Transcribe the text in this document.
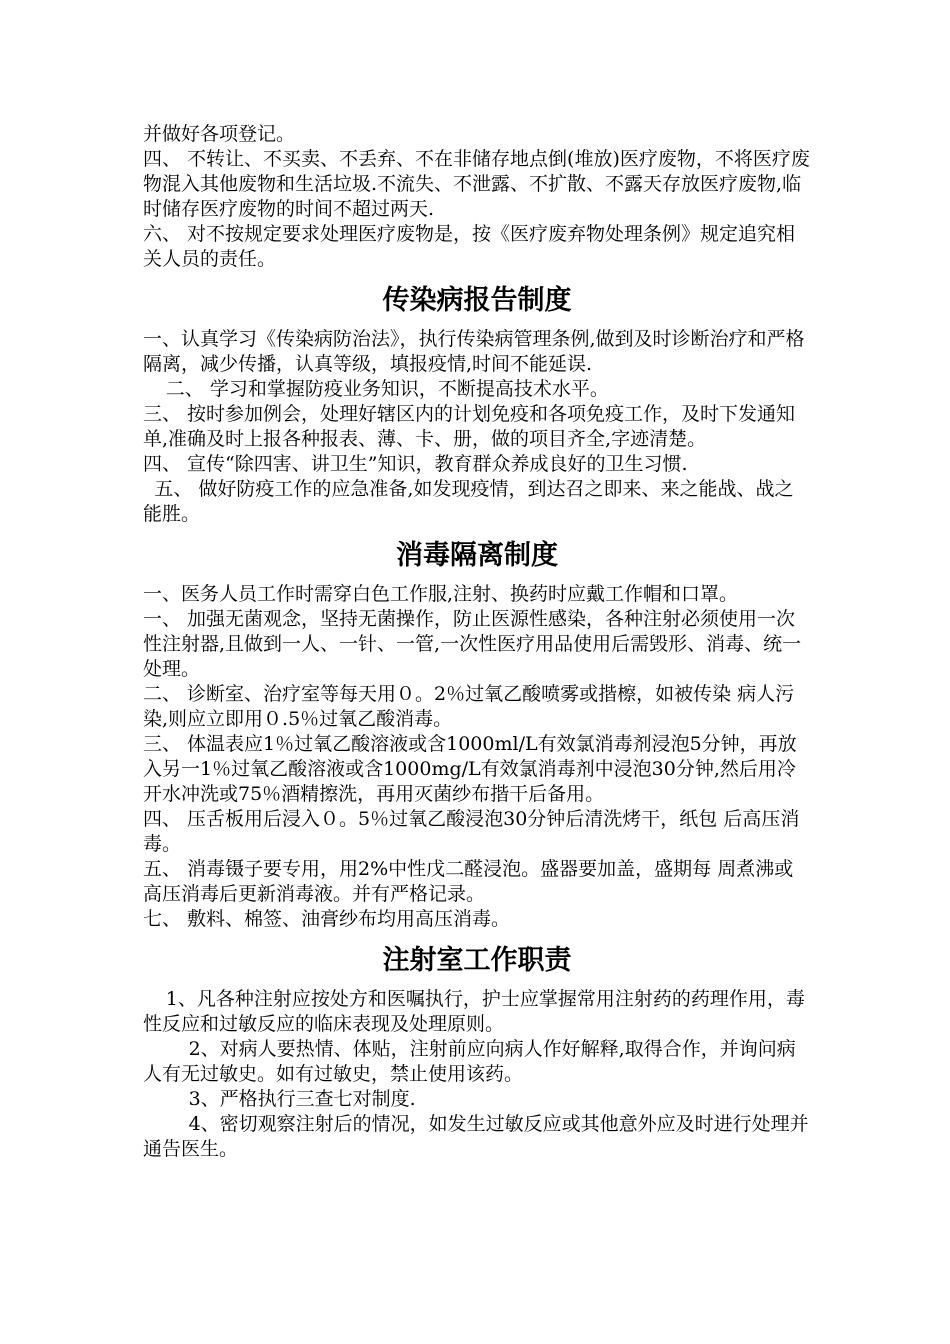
并做好各项登记。

四、 不转让、不买卖、不丢弃、不在非储存地点倒(堆放)医疗废物，不将医疗废物混入其他废物和生活垃圾.不流失、不泄露、不扩散、不露天存放医疗废物,临时储存医疗废物的时间不超过两天.

六、 对不按规定要求处理医疗废物是，按《医疗废弃物处理条例》规定追究相关人员的责任。

传染病报告制度

一、认真学习《传染病防治法》，执行传染病管理条例,做到及时诊断治疗和严格隔离，减少传播，认真等级，填报疫情,时间不能延误.

二、 学习和掌握防疫业务知识，不断提高技术水平。

三、 按时参加例会，处理好辖区内的计划免疫和各项免疫工作，及时下发通知单,准确及时上报各种报表、薄、卡、册，做的项目齐全,字迹清楚。

四、 宣传“除四害、讲卫生”知识，教育群众养成良好的卫生习惯.

五、 做好防疫工作的应急准备,如发现疫情，到达召之即来、来之能战、战之能胜。

消毒隔离制度

一、医务人员工作时需穿白色工作服,注射、换药时应戴工作帽和口罩。

一、 加强无菌观念，坚持无菌操作，防止医源性感染，各种注射必须使用一次性注射器,且做到一人、一针、一管,一次性医疗用品使用后需毁形、消毒、统一处理。

二、 诊断室、治疗室等每天用０。2％过氧乙酸喷雾或揩檫，如被传染 病人污染,则应立即用０.5％过氧乙酸消毒。

三、 体温表应1％过氧乙酸溶液或含1000ml/L有效氯消毒剂浸泡5分钟，再放入另一1％过氧乙酸溶液或含1000mg/L有效氯消毒剂中浸泡30分钟,然后用冷开水冲洗或75％酒精擦洗，再用灭菌纱布揩干后备用。

四、 压舌板用后浸入０。5％过氧乙酸浸泡30分钟后清洗烤干，纸包 后高压消毒。

五、 消毒镊子要专用，用2%中性戊二醛浸泡。盛器要加盖，盛期每 周煮沸或高压消毒后更新消毒液。并有严格记录。

七、 敷料、棉签、油膏纱布均用高压消毒。

注射室工作职责

1、凡各种注射应按处方和医嘱执行，护士应掌握常用注射药的药理作用，毒性反应和过敏反应的临床表现及处理原则。

2、对病人要热情、体贴，注射前应向病人作好解释,取得合作，并询问病人有无过敏史。如有过敏史，禁止使用该药。

3、严格执行三查七对制度.

4、密切观察注射后的情况，如发生过敏反应或其他意外应及时进行处理并通告医生。
